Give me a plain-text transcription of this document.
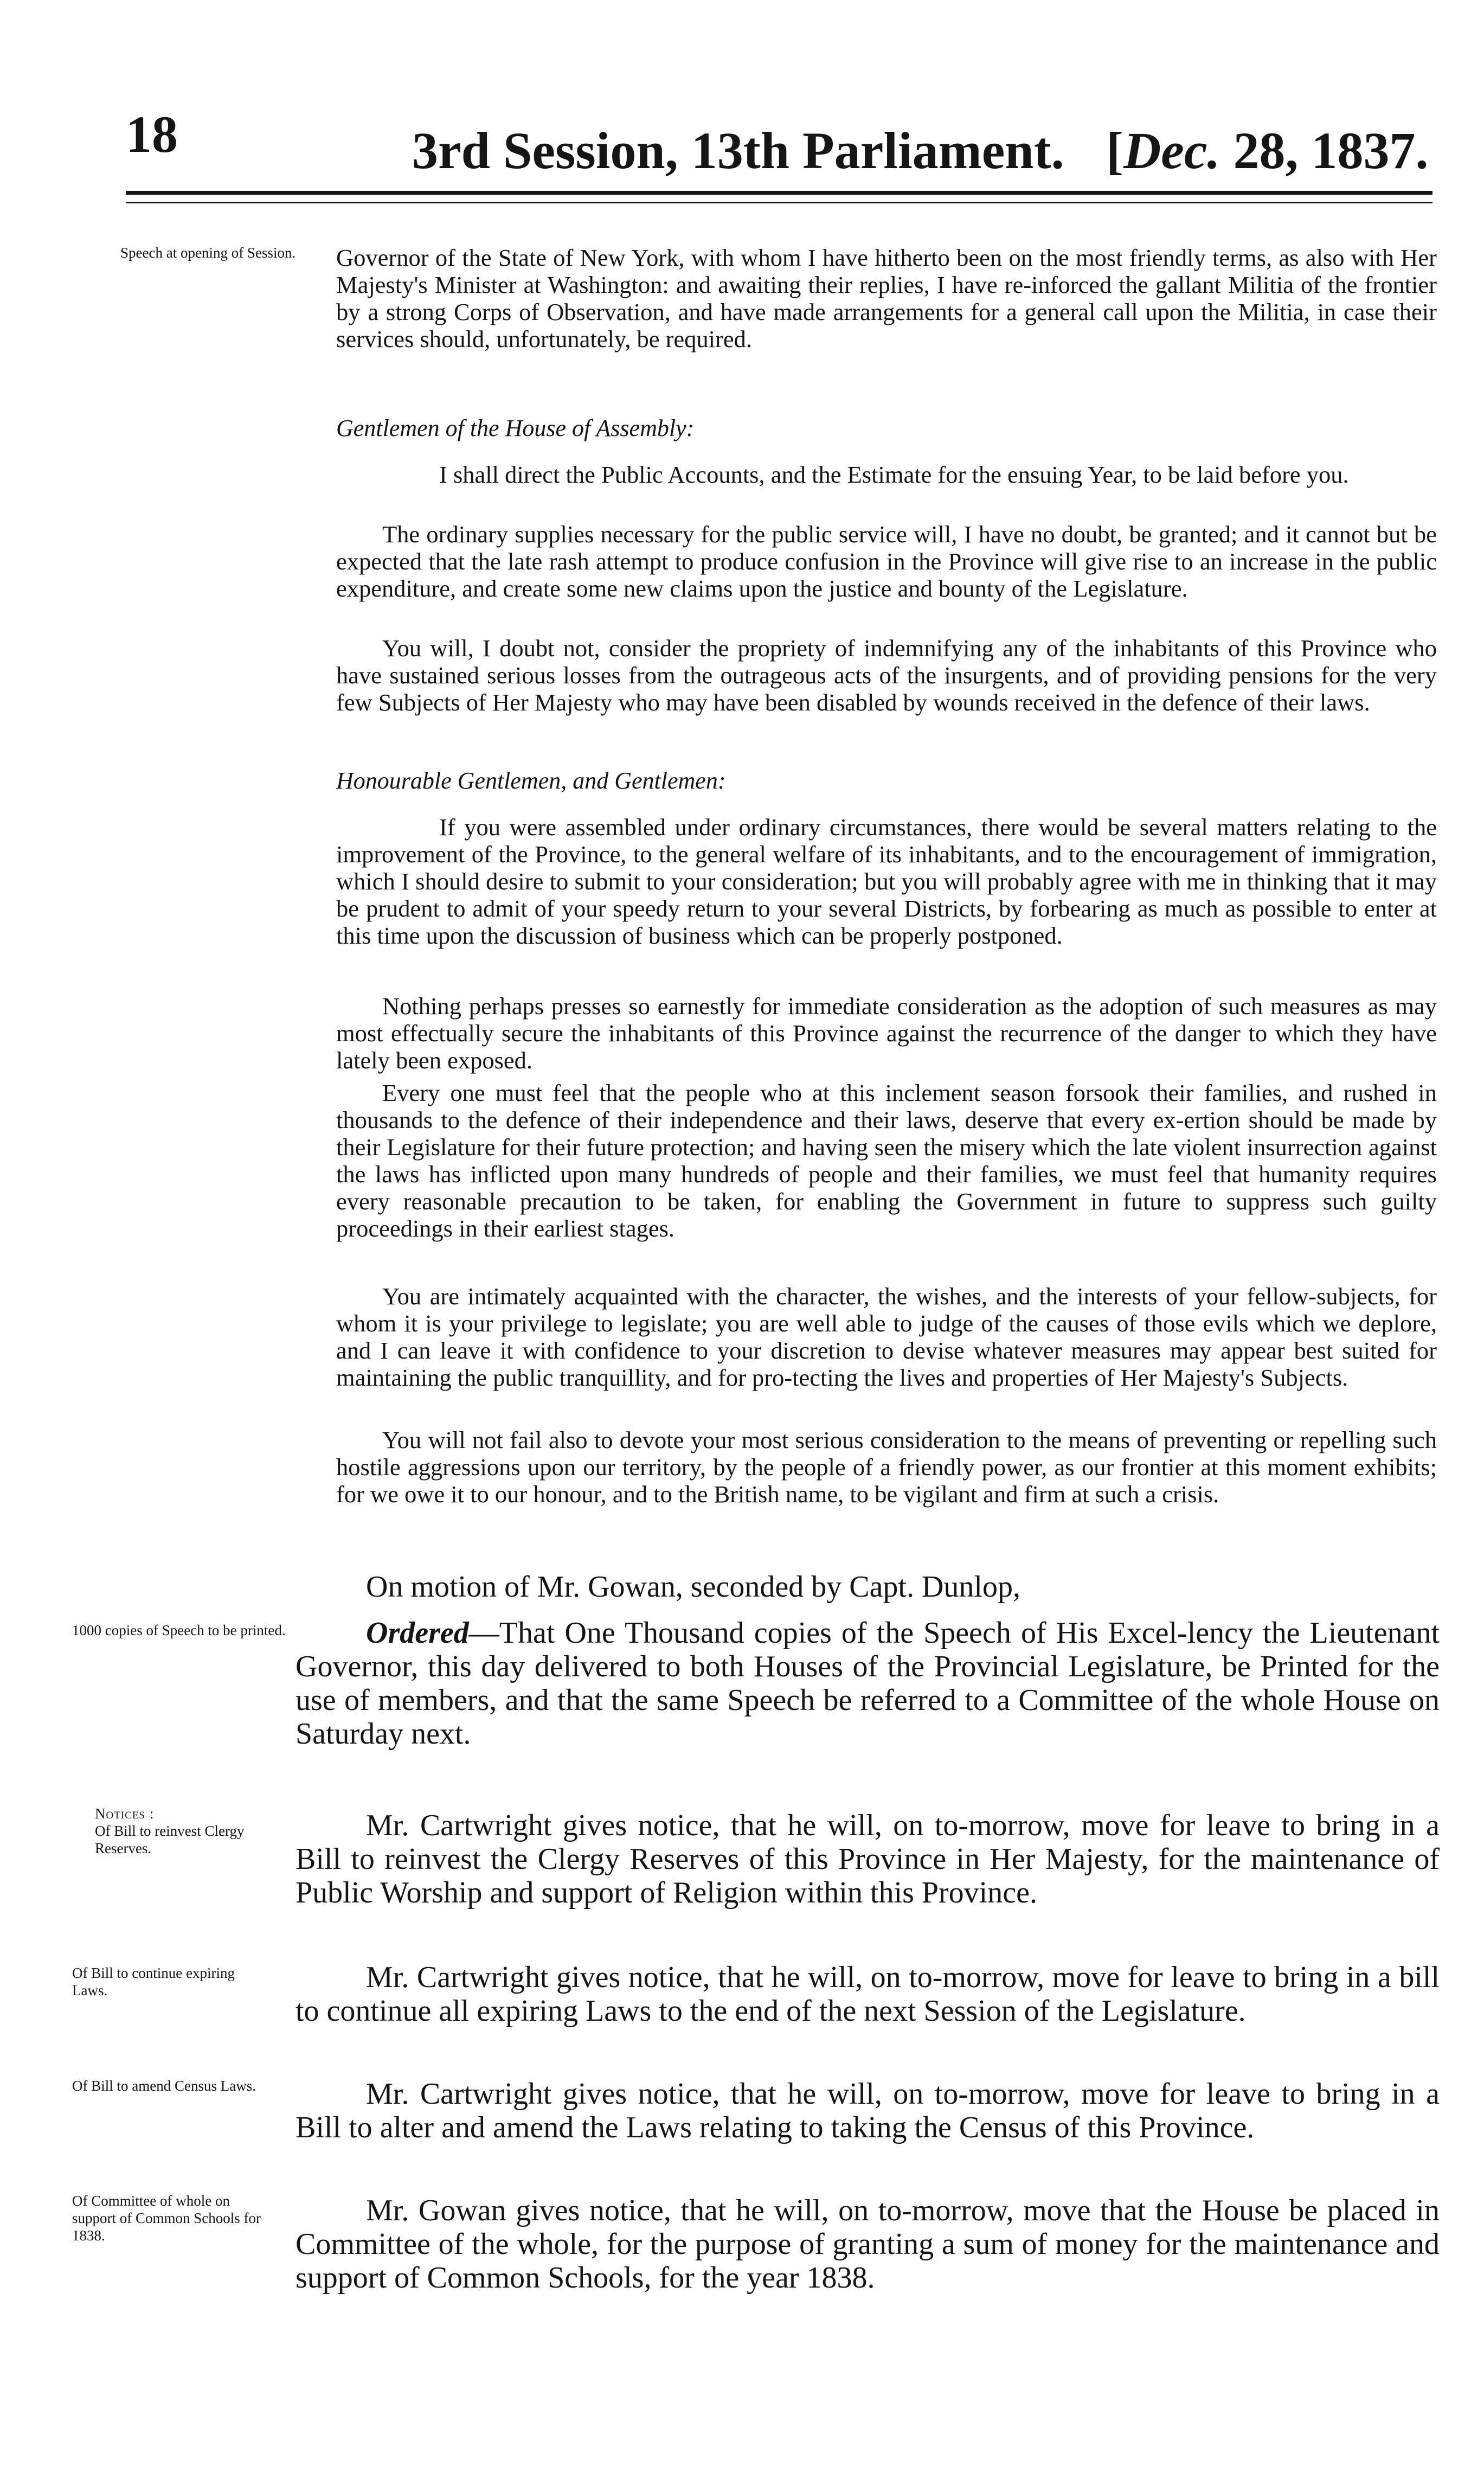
18	3rd Session, 13th Parliament. [Dec. 28, 1837.
Speech at opening of Session.
1000 copies of Speech to be printed.
Notices :
Of Bill to reinvest Clergy Reserves.
Of Bill to continue expiring Laws.
Of Bill to amend Census Laws.
Of Committee of whole on support of Common Schools for 1838.

Governor of the State of New York, with whom I have hitherto been on the most friendly terms, as also with Her Majesty's Minister at Washington: and awaiting their replies, I have re-inforced the gallant Militia of the frontier by a strong Corps of Observation, and have made arrangements for a general call upon the Militia, in case their services should, unfortunately, be required.

Gentlemen of the House of Assembly:

I shall direct the Public Accounts, and the Estimate for the ensuing Year, to be laid before you.

The ordinary supplies necessary for the public service will, I have no doubt, be granted; and it cannot but be expected that the late rash attempt to produce confusion in the Province will give rise to an increase in the public expenditure, and create some new claims upon the justice and bounty of the Legislature.

You will, I doubt not, consider the propriety of indemnifying any of the inhabitants of this Province who have sustained serious losses from the outrageous acts of the insurgents, and of providing pensions for the very few Subjects of Her Majesty who may have been disabled by wounds received in the defence of their laws.

Honourable Gentlemen, and Gentlemen:

If you were assembled under ordinary circumstances, there would be several matters relating to the improvement of the Province, to the general welfare of its inhabitants, and to the encouragement of immigration, which I should desire to submit to your consideration; but you will probably agree with me in thinking that it may be prudent to admit of your speedy return to your several Districts, by forbearing as much as possible to enter at this time upon the discussion of business which can be properly postponed.

Nothing perhaps presses so earnestly for immediate consideration as the adoption of such measures as may most effectually secure the inhabitants of this Province against the recurrence of the danger to which they have lately been exposed.

Every one must feel that the people who at this inclement season forsook their families, and rushed in thousands to the defence of their independence and their laws, deserve that every ex-ertion should be made by their Legislature for their future protection; and having seen the misery which the late violent insurrection against the laws has inflicted upon many hundreds of people and their families, we must feel that humanity requires every reasonable precaution to be taken, for enabling the Government in future to suppress such guilty proceedings in their earliest stages.

You are intimately acquainted with the character, the wishes, and the interests of your fellow-subjects, for whom it is your privilege to legislate; you are well able to judge of the causes of those evils which we deplore, and I can leave it with confidence to your discretion to devise whatever measures may appear best suited for maintaining the public tranquillity, and for pro-tecting the lives and properties of Her Majesty's Subjects.

You will not fail also to devote your most serious consideration to the means of preventing or repelling such hostile aggressions upon our territory, by the people of a friendly power, as our frontier at this moment exhibits; for we owe it to our honour, and to the British name, to be vigilant and firm at such a crisis.

On motion of Mr. Gowan, seconded by Capt. Dunlop,

Ordered—That One Thousand copies of the Speech of His Excel-lency the Lieutenant Governor, this day delivered to both Houses of the Provincial Legislature, be Printed for the use of members, and that the same Speech be referred to a Committee of the whole House on Saturday next.

Mr. Cartwright gives notice, that he will, on to-morrow, move for leave to bring in a Bill to reinvest the Clergy Reserves of this Province in Her Majesty, for the maintenance of Public Worship and support of Religion within this Province.

Mr. Cartwright gives notice, that he will, on to-morrow, move for leave to bring in a bill to continue all expiring Laws to the end of the next Session of the Legislature.

Mr. Cartwright gives notice, that he will, on to-morrow, move for leave to bring in a Bill to alter and amend the Laws relating to taking the Census of this Province.

Mr. Gowan gives notice, that he will, on to-morrow, move that the House be placed in Committee of the whole, for the purpose of granting a sum of money for the maintenance and support of Common Schools, for the year 1838.
